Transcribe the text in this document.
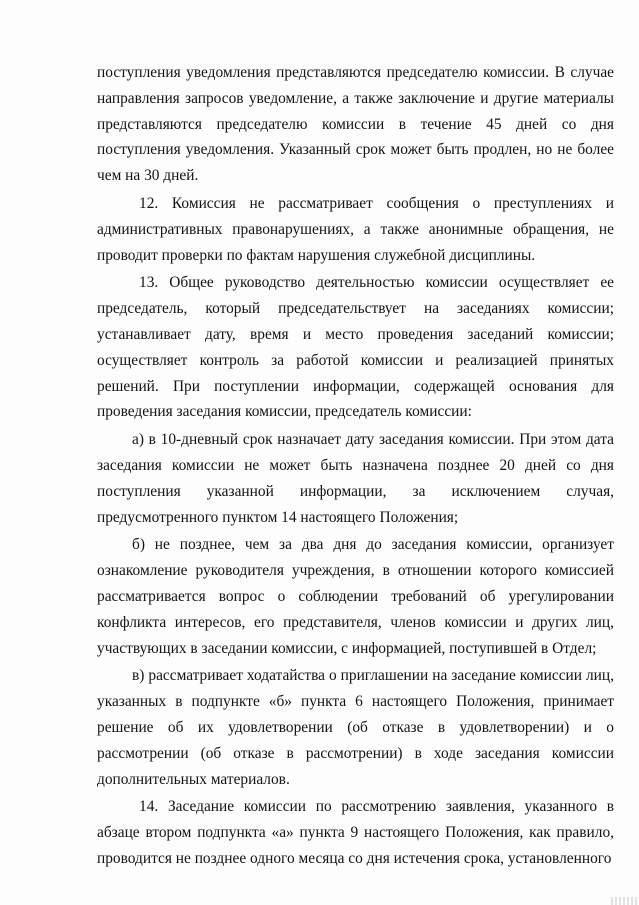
поступления уведомления представляются председателю комиссии. В случае направления запросов уведомление, а также заключение и другие материалы представляются председателю комиссии в течение 45 дней со дня поступления уведомления. Указанный срок может быть продлен, но не более чем на 30 дней.

12. Комиссия не рассматривает сообщения о преступлениях и административных правонарушениях, а также анонимные обращения, не проводит проверки по фактам нарушения служебной дисциплины.

13. Общее руководство деятельностью комиссии осуществляет ее председатель, который председательствует на заседаниях комиссии; устанавливает дату, время и место проведения заседаний комиссии; осуществляет контроль за работой комиссии и реализацией принятых решений. При поступлении информации, содержащей основания для проведения заседания комиссии, председатель комиссии:

а) в 10-дневный срок назначает дату заседания комиссии. При этом дата заседания комиссии не может быть назначена позднее 20 дней со дня поступления указанной информации, за исключением случая, предусмотренного пунктом 14 настоящего Положения;

б) не позднее, чем за два дня до заседания комиссии, организует ознакомление руководителя учреждения, в отношении которого комиссией рассматривается вопрос о соблюдении требований об урегулировании конфликта интересов, его представителя, членов комиссии и других лиц, участвующих в заседании комиссии, с информацией, поступившей в Отдел;

в) рассматривает ходатайства о приглашении на заседание комиссии лиц, указанных в подпункте «б» пункта 6 настоящего Положения, принимает решение об их удовлетворении (об отказе в удовлетворении) и о рассмотрении (об отказе в рассмотрении) в ходе заседания комиссии дополнительных материалов.

14. Заседание комиссии по рассмотрению заявления, указанного в абзаце втором подпункта «а» пункта 9 настоящего Положения, как правило, проводится не позднее одного месяца со дня истечения срока, установленного
